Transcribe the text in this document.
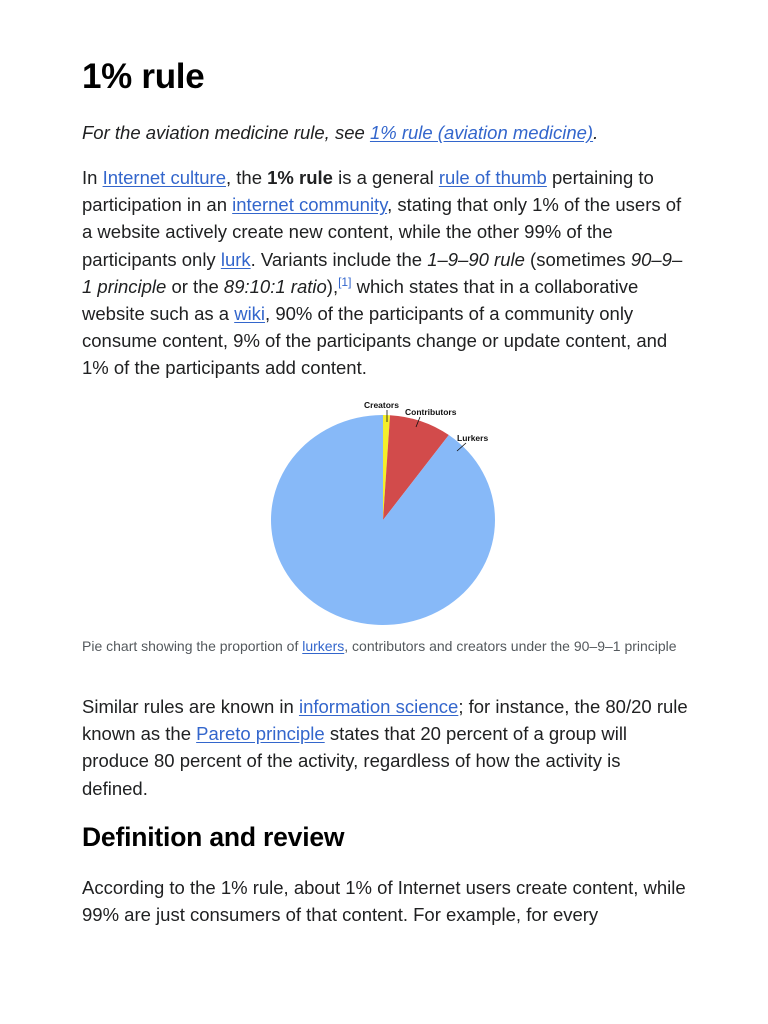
1% rule
For the aviation medicine rule, see 1% rule (aviation medicine).

In Internet culture, the 1% rule is a general rule of thumb pertaining to participation in an internet community, stating that only 1% of the users of a website actively create new content, while the other 99% of the participants only lurk. Variants include the 1–9–90 rule (sometimes 90–9–1 principle or the 89:10:1 ratio),[1] which states that in a collaborative website such as a wiki, 90% of the participants of a community only consume content, 9% of the participants change or update content, and 1% of the participants add content.

Creators
Contributors
Lurkers
Pie chart showing the proportion of lurkers, contributors and creators under the 90–9–1 principle

Similar rules are known in information science; for instance, the 80/20 rule known as the Pareto principle states that 20 percent of a group will produce 80 percent of the activity, regardless of how the activity is defined.

Definition and review

According to the 1% rule, about 1% of Internet users create content, while 99% are just consumers of that content. For example, for every
